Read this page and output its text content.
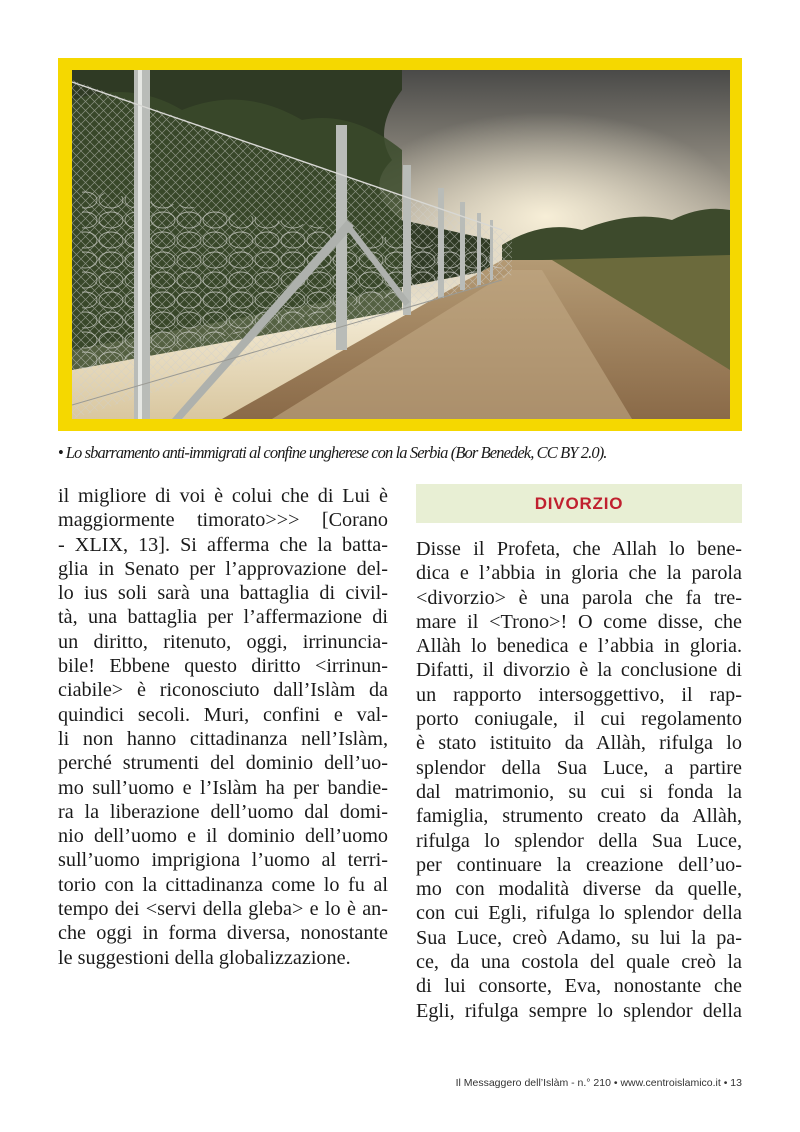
• Lo sbarramento anti-immigrati al confine ungherese con la Serbia (Bor Benedek, CC BY 2.0).
il migliore di voi è colui che di Lui è
maggiormente timorato>>> [Corano
- XLIX, 13]. Si afferma che la batta-
glia in Senato per l’approvazione del-
lo ius soli sarà una battaglia di civil-
tà, una battaglia per l’affermazione di
un diritto, ritenuto, oggi, irrinuncia-
bile! Ebbene questo diritto <irrinun-
ciabile> è riconosciuto dall’Islàm da
quindici secoli. Muri, confini e val-
li non hanno cittadinanza nell’Islàm,
perché strumenti del dominio dell’uo-
mo sull’uomo e l’Islàm ha per bandie-
ra la liberazione dell’uomo dal domi-
nio dell’uomo e il dominio dell’uomo
sull’uomo imprigiona l’uomo al terri-
torio con la cittadinanza come lo fu al
tempo dei <servi della gleba> e lo è an-
che oggi in forma diversa, nonostante
le suggestioni della globalizzazione.
DIVORZIO
Disse il Profeta, che Allah lo bene-
dica e l’abbia in gloria che la parola
<divorzio> è una parola che fa tre-
mare il <Trono>! O come disse, che
Allàh lo benedica e l’abbia in gloria.
Difatti, il divorzio è la conclusione di
un rapporto intersoggettivo, il rap-
porto coniugale, il cui regolamento
è stato istituito da Allàh, rifulga lo
splendor della Sua Luce, a partire
dal matrimonio, su cui si fonda la
famiglia, strumento creato da Allàh,
rifulga lo splendor della Sua Luce,
per continuare la creazione dell’uo-
mo con modalità diverse da quelle,
con cui Egli, rifulga lo splendor della
Sua Luce, creò Adamo, su lui la pa-
ce, da una costola del quale creò la
di lui consorte, Eva, nonostante che
Egli, rifulga sempre lo splendor della
Il Messaggero dell’Islàm - n.° 210 • www.centroislamico.it • 13
